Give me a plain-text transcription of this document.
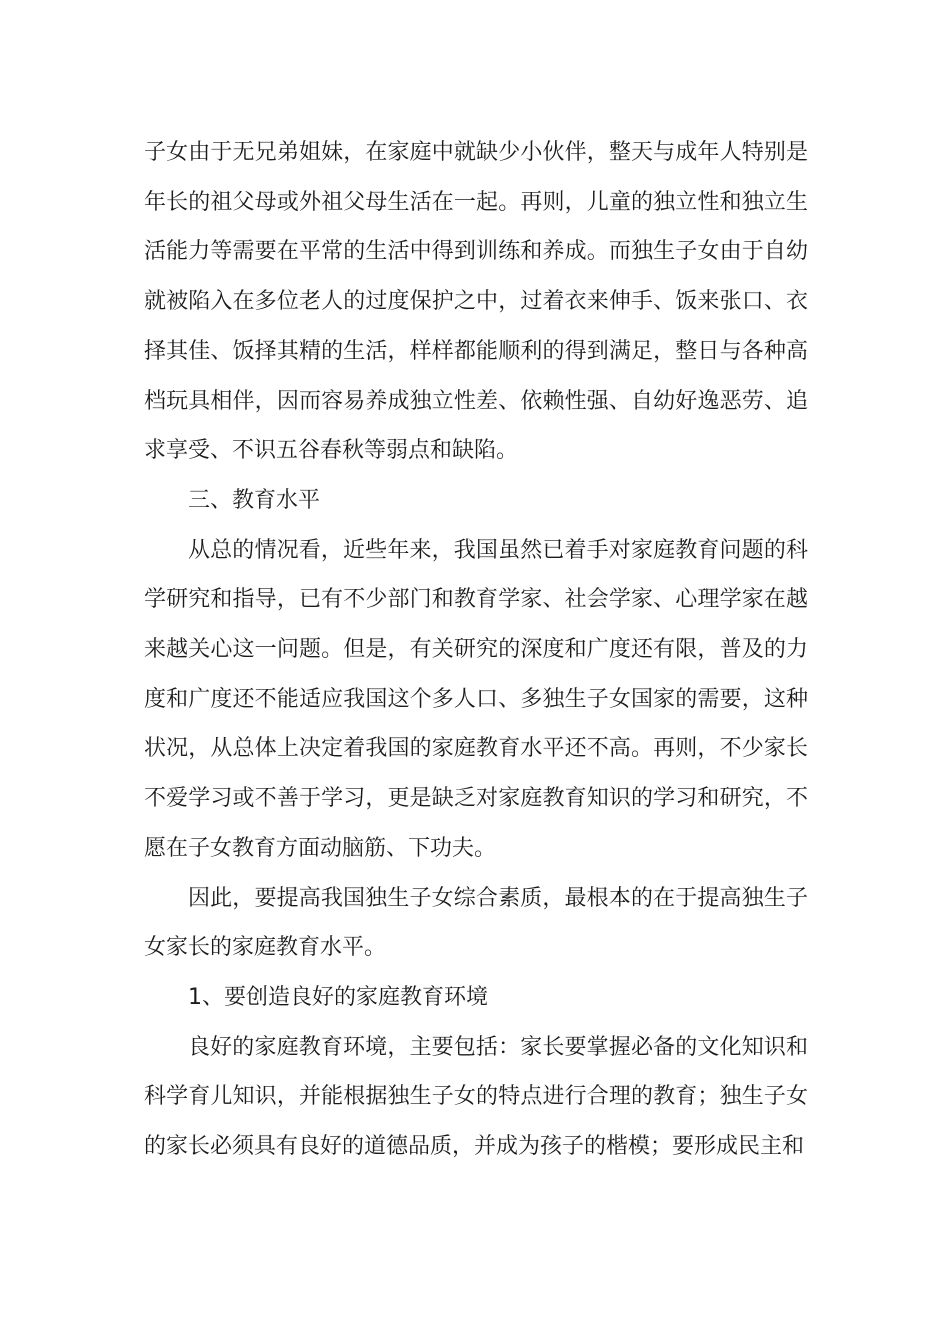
子女由于无兄弟姐妹，在家庭中就缺少小伙伴，整天与成年人特别是年长的祖父母或外祖父母生活在一起。再则，儿童的独立性和独立生活能力等需要在平常的生活中得到训练和养成。而独生子女由于自幼就被陷入在多位老人的过度保护之中，过着衣来伸手、饭来张口、衣择其佳、饭择其精的生活，样样都能顺利的得到满足，整日与各种高档玩具相伴，因而容易养成独立性差、依赖性强、自幼好逸恶劳、追求享受、不识五谷春秋等弱点和缺陷。

三、教育水平

从总的情况看，近些年来，我国虽然已着手对家庭教育问题的科学研究和指导，已有不少部门和教育学家、社会学家、心理学家在越来越关心这一问题。但是，有关研究的深度和广度还有限，普及的力度和广度还不能适应我国这个多人口、多独生子女国家的需要，这种状况，从总体上决定着我国的家庭教育水平还不高。再则，不少家长不爱学习或不善于学习，更是缺乏对家庭教育知识的学习和研究，不愿在子女教育方面动脑筋、下功夫。

因此，要提高我国独生子女综合素质，最根本的在于提高独生子女家长的家庭教育水平。

1、要创造良好的家庭教育环境

良好的家庭教育环境，主要包括：家长要掌握必备的文化知识和科学育儿知识，并能根据独生子女的特点进行合理的教育；独生子女的家长必须具有良好的道德品质，并成为孩子的楷模；要形成民主和
